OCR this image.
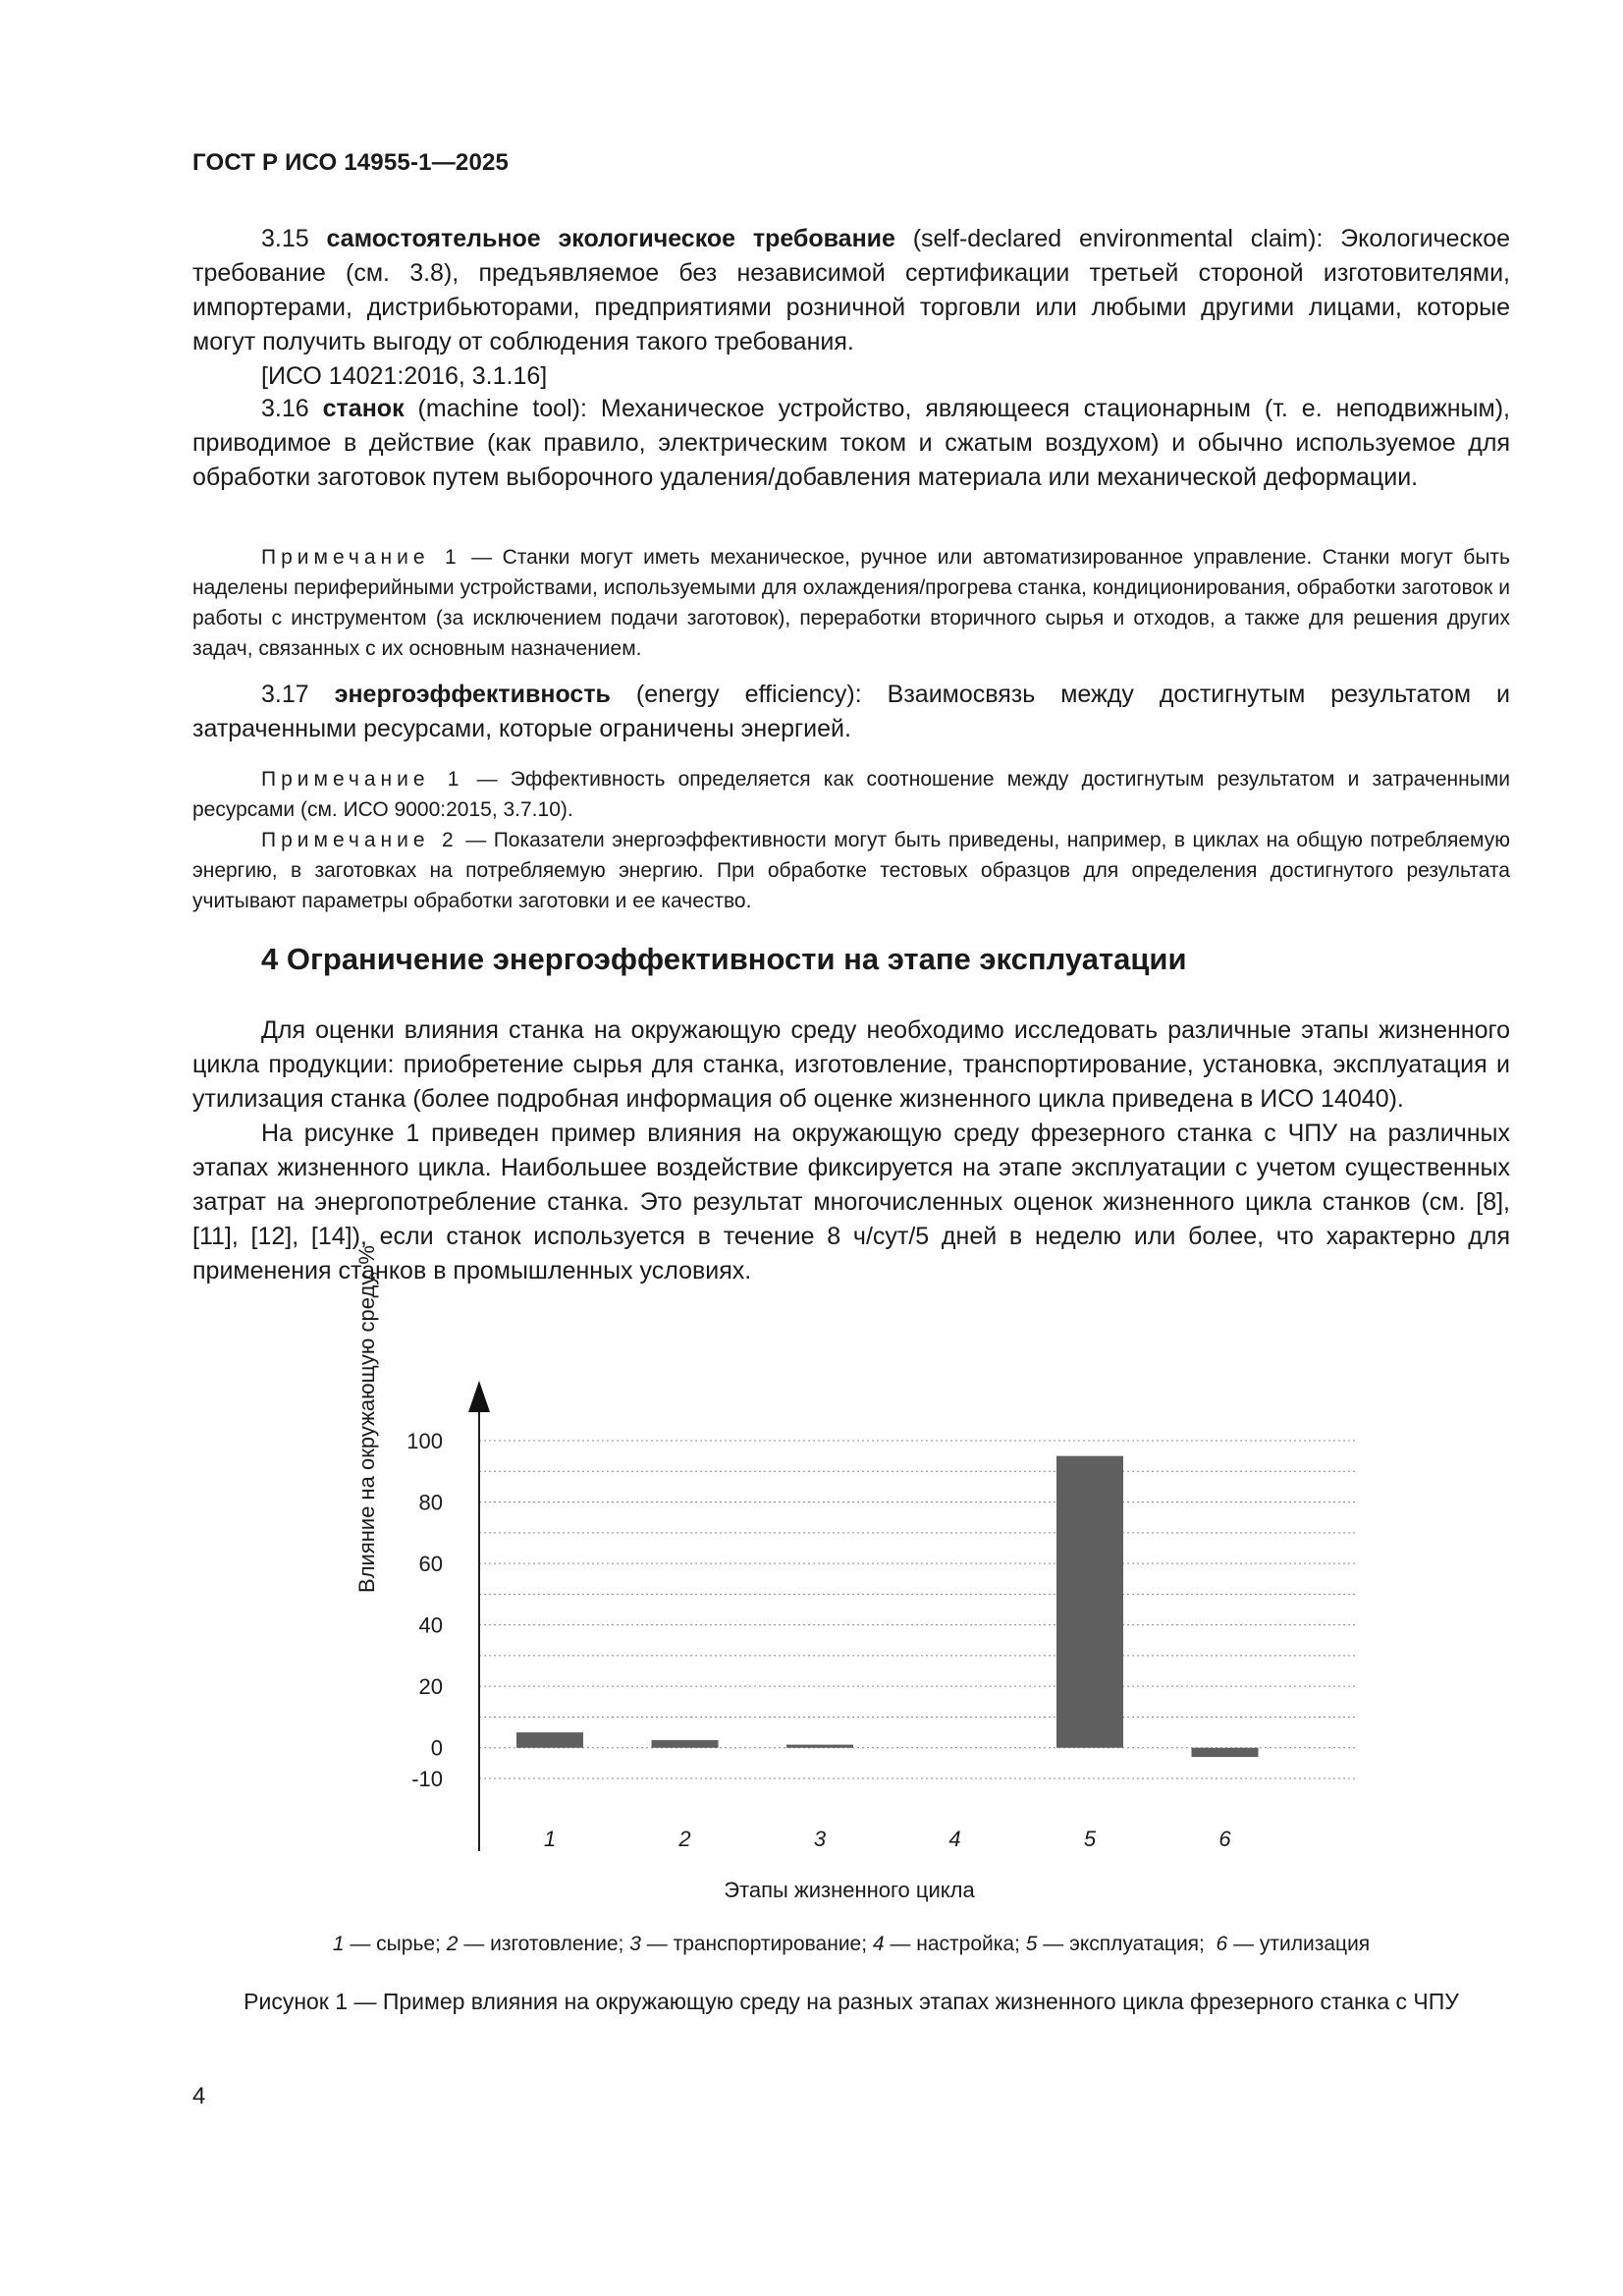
ГОСТ Р ИСО 14955-1—2025

3.15 самостоятельное экологическое требование (self-declared environmental claim): Экологическое требование (см. 3.8), предъявляемое без независимой сертификации третьей стороной изготовителями, импортерами, дистрибьюторами, предприятиями розничной торговли или любыми другими лицами, которые могут получить выгоду от соблюдения такого требования.

[ИСО 14021:2016, 3.1.16]

3.16 станок (machine tool): Механическое устройство, являющееся стационарным (т. е. неподвижным), приводимое в действие (как правило, электрическим током и сжатым воздухом) и обычно используемое для обработки заготовок путем выборочного удаления/добавления материала или механической деформации.

Примечание 1 — Станки могут иметь механическое, ручное или автоматизированное управление. Станки могут быть наделены периферийными устройствами, используемыми для охлаждения/прогрева станка, кондиционирования, обработки заготовок и работы с инструментом (за исключением подачи заготовок), переработки вторичного сырья и отходов, а также для решения других задач, связанных с их основным назначением.

3.17 энергоэффективность (energy efficiency): Взаимосвязь между достигнутым результатом и затраченными ресурсами, которые ограничены энергией.

Примечание 1 — Эффективность определяется как соотношение между достигнутым результатом и затраченными ресурсами (см. ИСО 9000:2015, 3.7.10).

Примечание 2 — Показатели энергоэффективности могут быть приведены, например, в циклах на общую потребляемую энергию, в заготовках на потребляемую энергию. При обработке тестовых образцов для определения достигнутого результата учитывают параметры обработки заготовки и ее качество.

4 Ограничение энергоэффективности на этапе эксплуатации

Для оценки влияния станка на окружающую среду необходимо исследовать различные этапы жизненного цикла продукции: приобретение сырья для станка, изготовление, транспортирование, установка, эксплуатация и утилизация станка (более подробная информация об оценке жизненного цикла приведена в ИСО 14040).

На рисунке 1 приведен пример влияния на окружающую среду фрезерного станка с ЧПУ на различных этапах жизненного цикла. Наибольшее воздействие фиксируется на этапе эксплуатации с учетом существенных затрат на энергопотребление станка. Это результат многочисленных оценок жизненного цикла станков (см. [8], [11], [12], [14]), если станок используется в течение 8 ч/сут/5 дней в неделю или более, что характерно для применения станков в промышленных условиях.

Влияние на окружающую среду, % 100
80
60
40
20
0
-10
1	2	3	4	5	6
Этапы жизненного цикла
1 — сырье; 2 — изготовление; 3 — транспортирование; 4 — настройка; 5 — эксплуатация;  6 — утилизация
Рисунок 1 — Пример влияния на окружающую среду на разных этапах жизненного цикла фрезерного станка с ЧПУ
4
